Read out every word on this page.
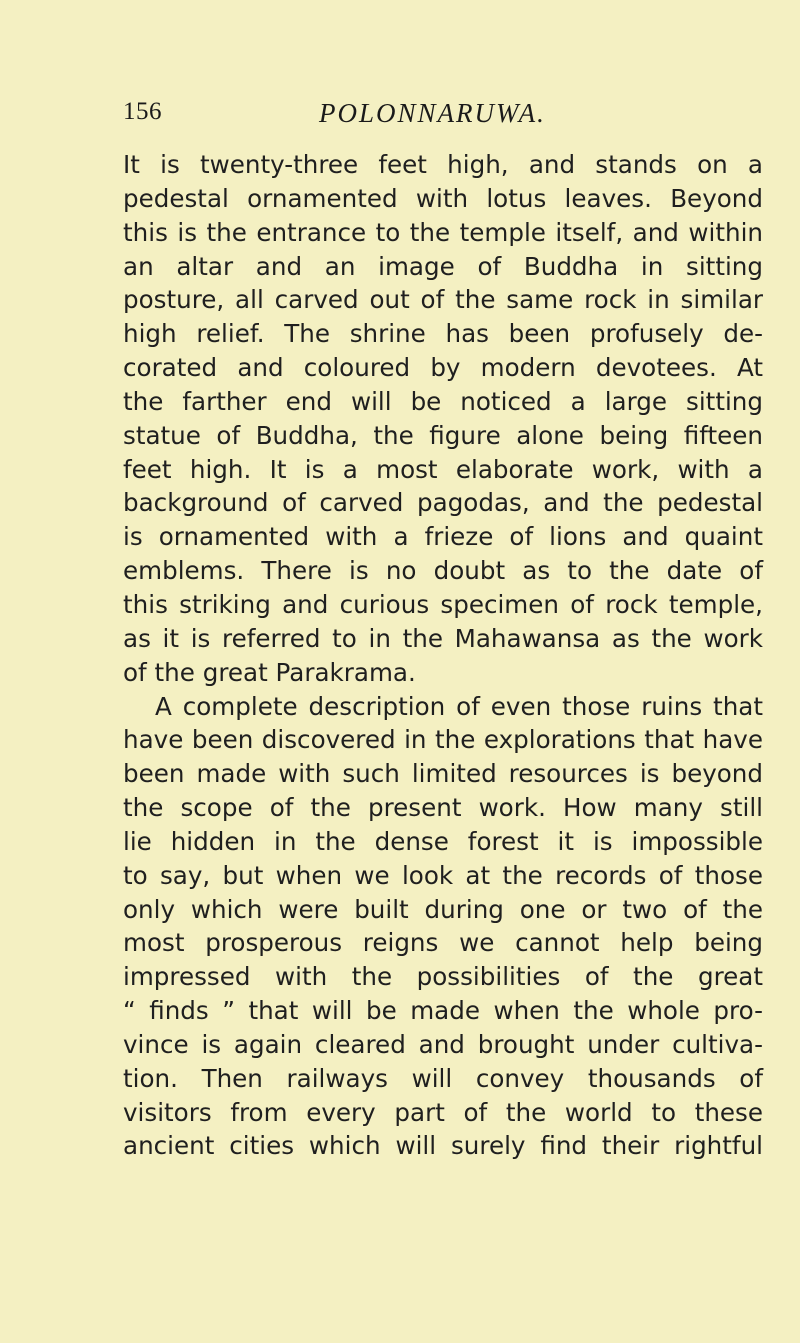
156	POLONNARUWA.
It is twenty-three feet high, and stands on a
pedestal ornamented with lotus leaves. Beyond
this is the entrance to the temple itself, and within
an altar and an image of Buddha in sitting
posture, all carved out of the same rock in similar
high relief. The shrine has been profusely de-
corated and coloured by modern devotees. At
the farther end will be noticed a large sitting
statue of Buddha, the figure alone being fifteen
feet high. It is a most elaborate work, with a
background of carved pagodas, and the pedestal
is ornamented with a frieze of lions and quaint
emblems. There is no doubt as to the date of
this striking and curious specimen of rock temple,
as it is referred to in the Mahawansa as the work
of the great Parakrama.
A complete description of even those ruins that
have been discovered in the explorations that have
been made with such limited resources is beyond
the scope of the present work. How many still
lie hidden in the dense forest it is impossible
to say, but when we look at the records of those
only which were built during one or two of the
most prosperous reigns we cannot help being
impressed with the possibilities of the great
“ finds ” that will be made when the whole pro-
vince is again cleared and brought under cultiva-
tion. Then railways will convey thousands of
visitors from every part of the world to these
ancient cities which will surely find their rightful
